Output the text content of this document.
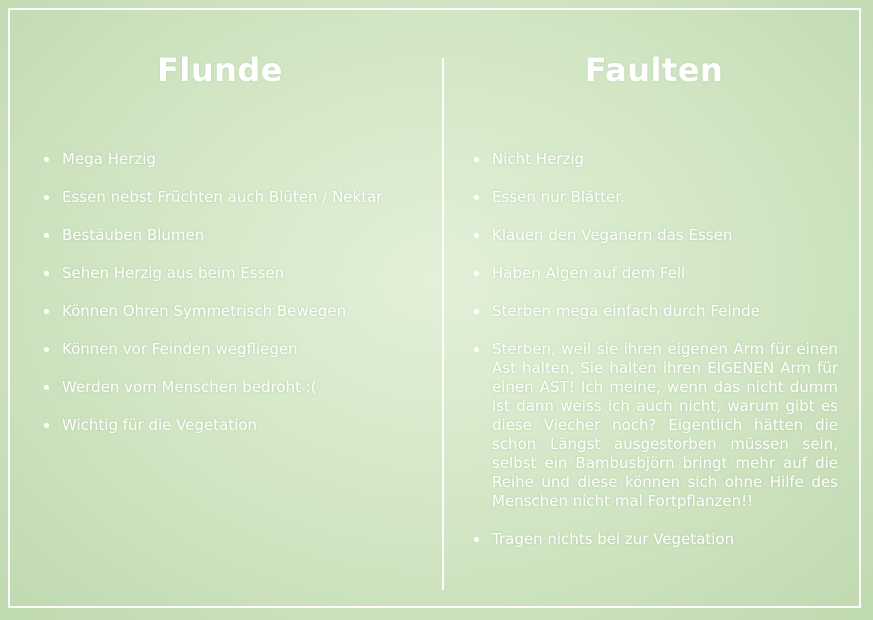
Flunde
Mega Herzig
Essen nebst Früchten auch Blüten / Nektar
Bestäuben Blumen
Sehen Herzig aus beim Essen
Können Ohren Symmetrisch Bewegen
Können vor Feinden wegfliegen
Werden vom Menschen bedroht :(
Wichtig für die Vegetation
Faulten
Nicht Herzig
Essen nur Blätter.
Klauen den Veganern das Essen
Haben Algen auf dem Fell
Sterben mega einfach durch Feinde
Sterben, weil sie ihren eigenen Arm für einen Ast halten, Sie halten ihren EIGENEN Arm für einen AST! Ich meine, wenn das nicht dumm ist dann weiss ich auch nicht, warum gibt es diese Viecher noch? Eigentlich hätten die schon Längst ausgestorben müssen sein, selbst ein Bambusbjörn bringt mehr auf die Reihe und diese können sich ohne Hilfe des Menschen nicht mal Fortpflanzen!!
Tragen nichts bei zur Vegetation
